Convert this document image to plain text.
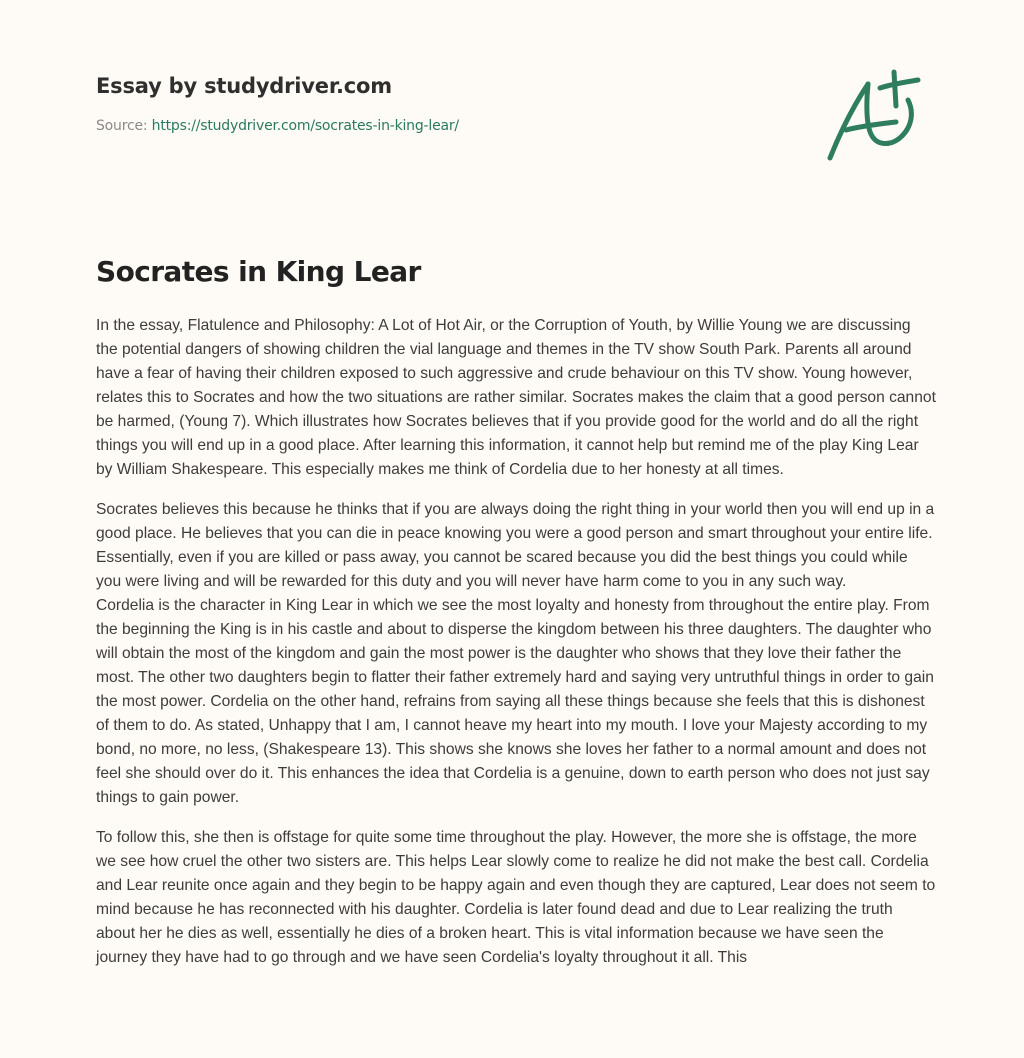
Essay by studydriver.com
Source: https://studydriver.com/socrates-in-king-lear/
Socrates in King Lear

In the essay, Flatulence and Philosophy: A Lot of Hot Air, or the Corruption of Youth, by Willie Young we are discussing the potential dangers of showing children the vial language and themes in the TV show South Park. Parents all around have a fear of having their children exposed to such aggressive and crude behaviour on this TV show. Young however, relates this to Socrates and how the two situations are rather similar. Socrates makes the claim that a good person cannot be harmed, (Young 7). Which illustrates how Socrates believes that if you provide good for the world and do all the right things you will end up in a good place. After learning this information, it cannot help but remind me of the play King Lear by William Shakespeare. This especially makes me think of Cordelia due to her honesty at all times.

Socrates believes this because he thinks that if you are always doing the right thing in your world then you will end up in a good place. He believes that you can die in peace knowing you were a good person and smart throughout your entire life. Essentially, even if you are killed or pass away, you cannot be scared because you did the best things you could while you were living and will be rewarded for this duty and you will never have harm come to you in any such way.

Cordelia is the character in King Lear in which we see the most loyalty and honesty from throughout the entire play. From the beginning the King is in his castle and about to disperse the kingdom between his three daughters. The daughter who will obtain the most of the kingdom and gain the most power is the daughter who shows that they love their father the most. The other two daughters begin to flatter their father extremely hard and saying very untruthful things in order to gain the most power. Cordelia on the other hand, refrains from saying all these things because she feels that this is dishonest of them to do. As stated, Unhappy that I am, I cannot heave my heart into my mouth. I love your Majesty according to my bond, no more, no less, (Shakespeare 13). This shows she knows she loves her father to a normal amount and does not feel she should over do it. This enhances the idea that Cordelia is a genuine, down to earth person who does not just say things to gain power.

To follow this, she then is offstage for quite some time throughout the play. However, the more she is offstage, the more we see how cruel the other two sisters are. This helps Lear slowly come to realize he did not make the best call. Cordelia and Lear reunite once again and they begin to be happy again and even though they are captured, Lear does not seem to mind because he has reconnected with his daughter. Cordelia is later found dead and due to Lear realizing the truth about her he dies as well, essentially he dies of a broken heart. This is vital information because we have seen the journey they have had to go through and we have seen Cordelia's loyalty throughout it all. This
